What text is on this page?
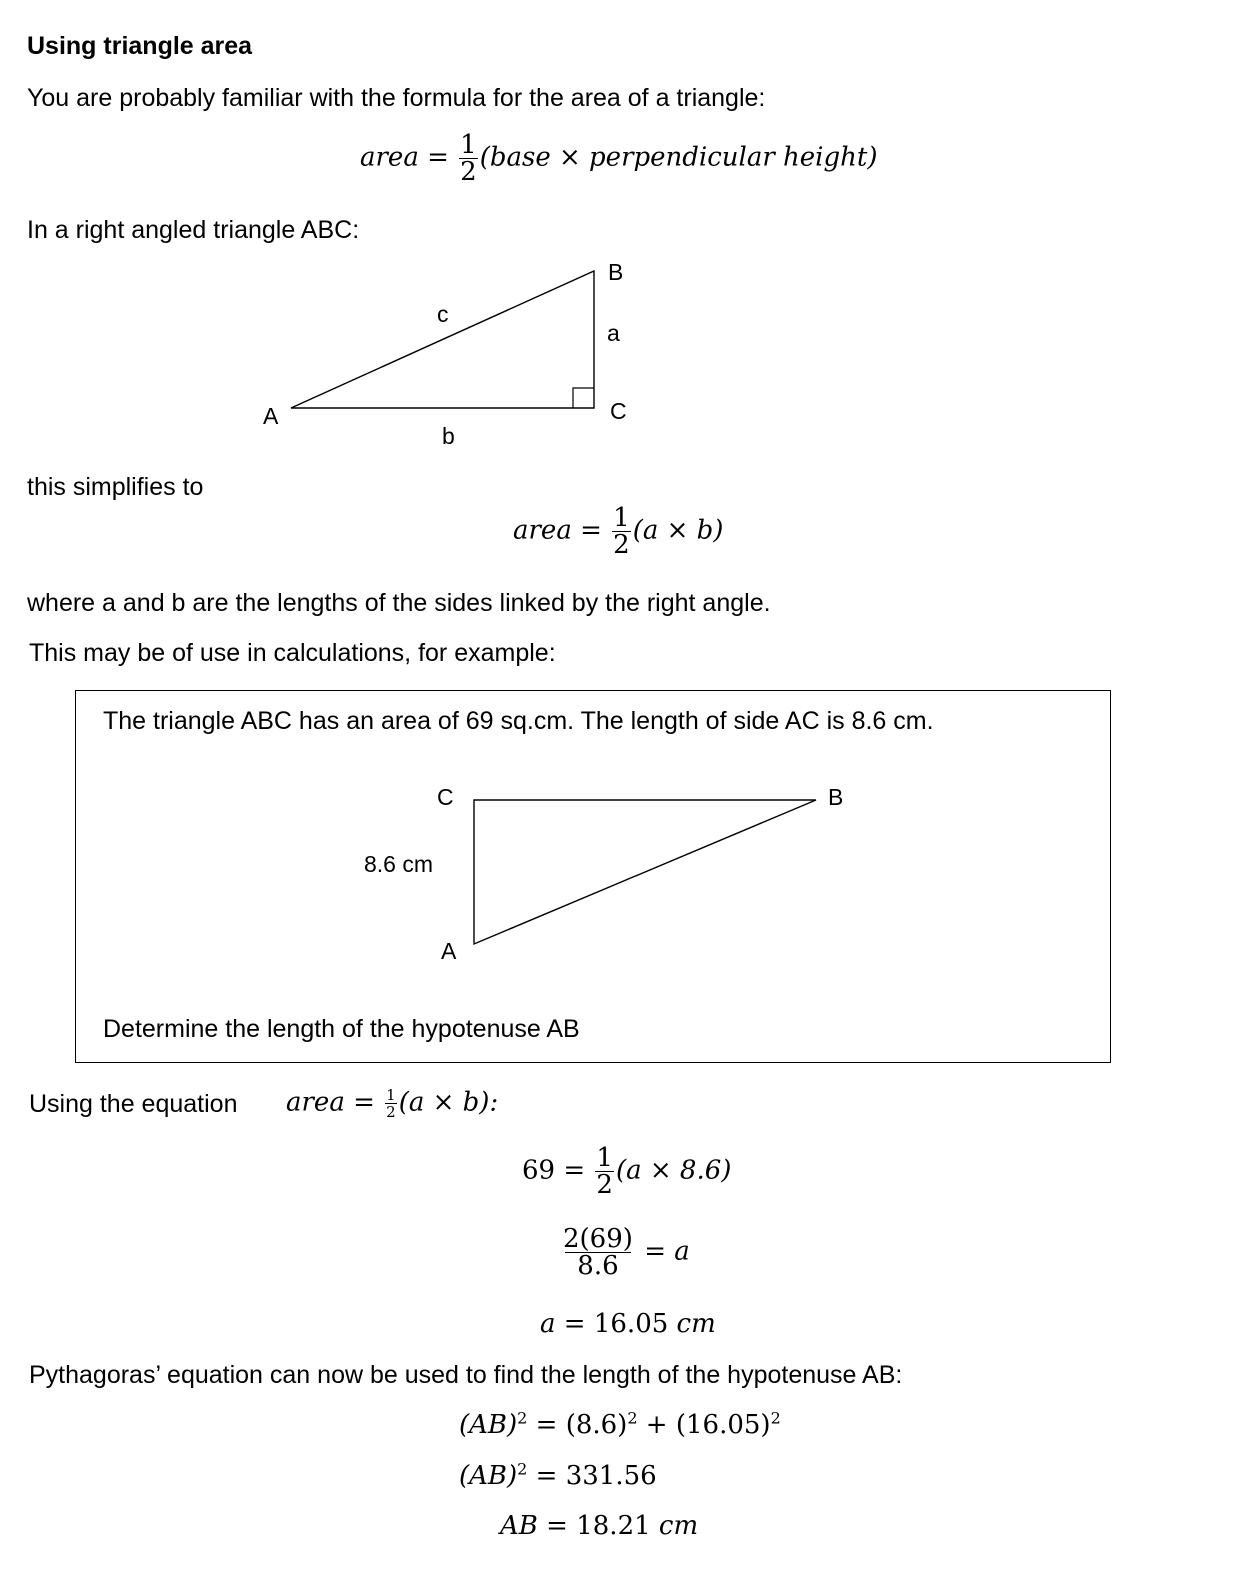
Using triangle area
You are probably familiar with the formula for the area of a triangle:
area = $\frac{1}{2}$ (base × perpendicular height)
In a right angled triangle ABC:
B
c
a
A	C
b
this simplifies to
area = $\frac{1}{2} (a \times b)$
where a and b are the lengths of the sides linked by the right angle.
This may be of use in calculations, for example:
The triangle ABC has an area of 69 sq.cm. The length of side AC is 8.6 cm.
C	B
8.6 cm
A
Determine the length of the hypotenuse AB
Using the equation area = $\frac{1}{2} (a \times b)$:
$69 = \frac{1}{2} (a \times 8.6)$
$\frac{2(69)}{8.6} = a$
a = 16.05 cm
Pythagoras’ equation can now be used to find the length of the hypotenuse AB:
$(AB)^2 = (8.6)^2 + (16.05)^2$
(AB)$^2$ = 331.56
AB = 18.21 cm
